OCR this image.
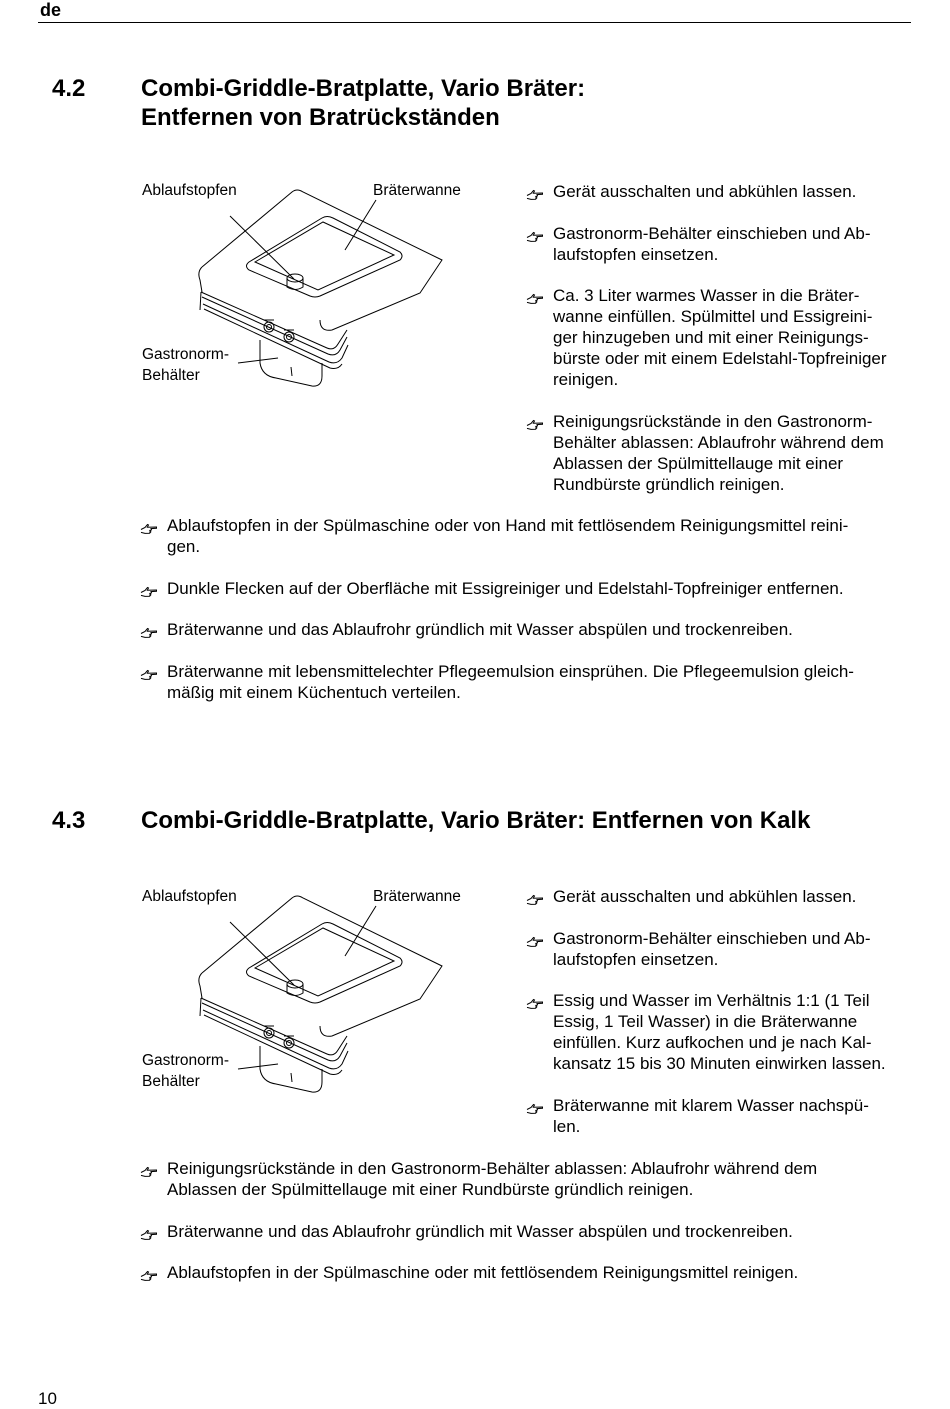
de
4.2 Combi-Griddle-Bratplatte, Vario Bräter:
Entfernen von Bratrückständen
Ablaufstopfen	Bräterwanne
Gastronorm-
Behälter
Gerät ausschalten und abkühlen lassen.
Gastronorm-Behälter einschieben und Ab-
laufstopfen einsetzen.
Ca. 3 Liter warmes Wasser in die Bräter-
wanne einfüllen. Spülmittel und Essigreini-
ger hinzugeben und mit einer Reinigungs-
bürste oder mit einem Edelstahl-Topfreiniger
reinigen.
Reinigungsrückstände in den Gastronorm-
Behälter ablassen: Ablaufrohr während dem
Ablassen der Spülmittellauge mit einer
Rundbürste gründlich reinigen.
Ablaufstopfen in der Spülmaschine oder von Hand mit fettlösendem Reinigungsmittel reini-
gen.
Dunkle Flecken auf der Oberfläche mit Essigreiniger und Edelstahl-Topfreiniger entfernen.
Bräterwanne und das Ablaufrohr gründlich mit Wasser abspülen und trockenreiben.
Bräterwanne mit lebensmittelechter Pflegeemulsion einsprühen. Die Pflegeemulsion gleich-
mäßig mit einem Küchentuch verteilen.
4.3 Combi-Griddle-Bratplatte, Vario Bräter: Entfernen von Kalk
Ablaufstopfen	Bräterwanne
Gastronorm-
Behälter
Gerät ausschalten und abkühlen lassen.
Gastronorm-Behälter einschieben und Ab-
laufstopfen einsetzen.
Essig und Wasser im Verhältnis 1:1 (1 Teil
Essig, 1 Teil Wasser) in die Bräterwanne
einfüllen. Kurz aufkochen und je nach Kal-
kansatz 15 bis 30 Minuten einwirken lassen.
Bräterwanne mit klarem Wasser nachspü-
len.
Reinigungsrückstände in den Gastronorm-Behälter ablassen: Ablaufrohr während dem
Ablassen der Spülmittellauge mit einer Rundbürste gründlich reinigen.
Bräterwanne und das Ablaufrohr gründlich mit Wasser abspülen und trockenreiben.
Ablaufstopfen in der Spülmaschine oder mit fettlösendem Reinigungsmittel reinigen.
10
